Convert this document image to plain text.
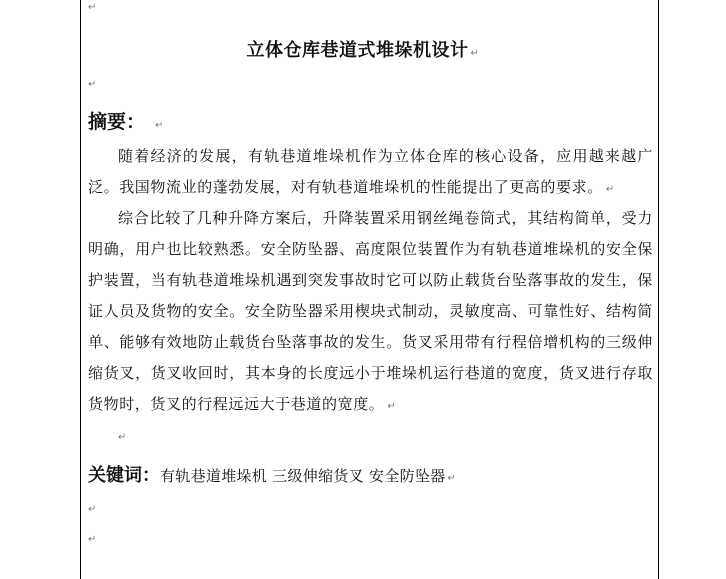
↵
立体仓库巷道式堆垛机设计 ↵
↵
摘要： ↵

随着经济的发展，有轨巷道堆垛机作为立体仓库的核心设备，应用越来越广泛。我国物流业的蓬勃发展，对有轨巷道堆垛机的性能提出了更高的要求。 ↵

综合比较了几种升降方案后，升降装置采用钢丝绳卷筒式，其结构简单，受力明确，用户也比较熟悉。安全防坠器、高度限位装置作为有轨巷道堆垛机的安全保护装置，当有轨巷道堆垛机遇到突发事故时它可以防止载货台坠落事故的发生，保证人员及货物的安全。安全防坠器采用楔块式制动，灵敏度高、可靠性好、结构简单、能够有效地防止载货台坠落事故的发生。货叉采用带有行程倍增机构的三级伸缩货叉，货叉收回时，其本身的长度远小于堆垛机运行巷道的宽度，货叉进行存取货物时，货叉的行程远远大于巷道的宽度。 ↵

↵
关键词：有轨巷道堆垛机 三级伸缩货叉 安全防坠器 ↵
↵
↵
